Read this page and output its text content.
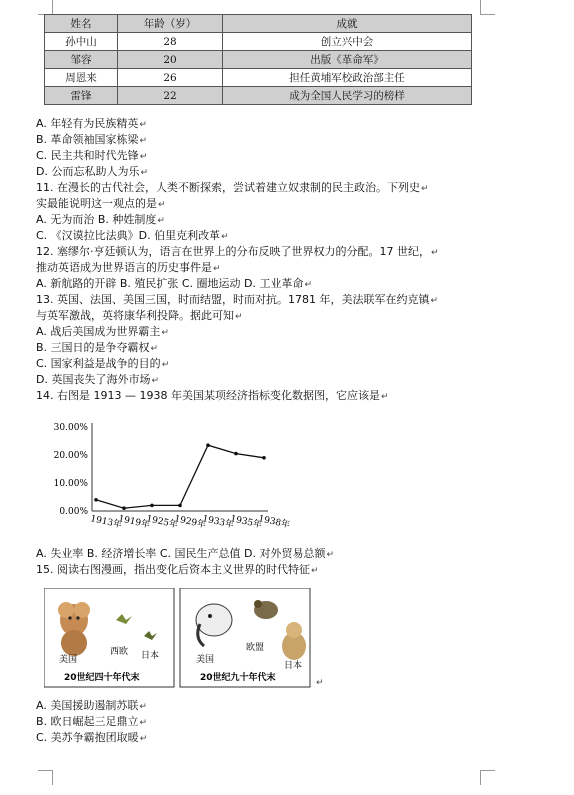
姓名	年龄（岁）	成就
孙中山	28	创立兴中会
邹容	20	出版《革命军》
周恩来	26	担任黄埔军校政治部主任
雷锋	22	成为全国人民学习的榜样
A. 年轻有为民族精英↵
B. 革命领袖国家栋梁↵
C. 民主共和时代先锋↵
D. 公而忘私助人为乐↵
11. 在漫长的古代社会，人类不断探索，尝试着建立奴隶制的民主政治。下列史↵
实最能说明这一观点的是↵
A. 无为而治 B. 种姓制度↵
C. 《汉谟拉比法典》D. 伯里克利改革↵
12. 塞缪尔·亨廷顿认为，语言在世界上的分布反映了世界权力的分配。17 世纪，↵
推动英语成为世界语言的历史事件是↵
A. 新航路的开辟 B. 殖民扩张 C. 圈地运动 D. 工业革命↵
13. 英国、法国、美国三国，时而结盟，时而对抗。1781 年，美法联军在约克镇↵
与英军激战，英将康华利投降。据此可知↵
A. 战后美国成为世界霸主↵
B. 三国日的是争夺霸权↵
C. 国家利益是战争的目的↵
D. 英国丧失了海外市场↵
14. 右图是 1913 — 1938 年美国某项经济指标变化数据图，它应该是↵
0.00%
10.00%
20.00%
30.00%
1913年
1919年
1925年
1929年
1933年
1935年
1938年
A. 失业率 B. 经济增长率 C. 国民生产总值 D. 对外贸易总额↵
15. 阅读右图漫画，指出变化后资本主义世界的时代特征↵
美国
西欧 日本
20世纪四十年代末
美国
欧盟
日本
20世纪九十年代末	↵
A. 美国援助遏制苏联↵
B. 欧日崛起三足鼎立↵
C. 美苏争霸抱团取暖↵
